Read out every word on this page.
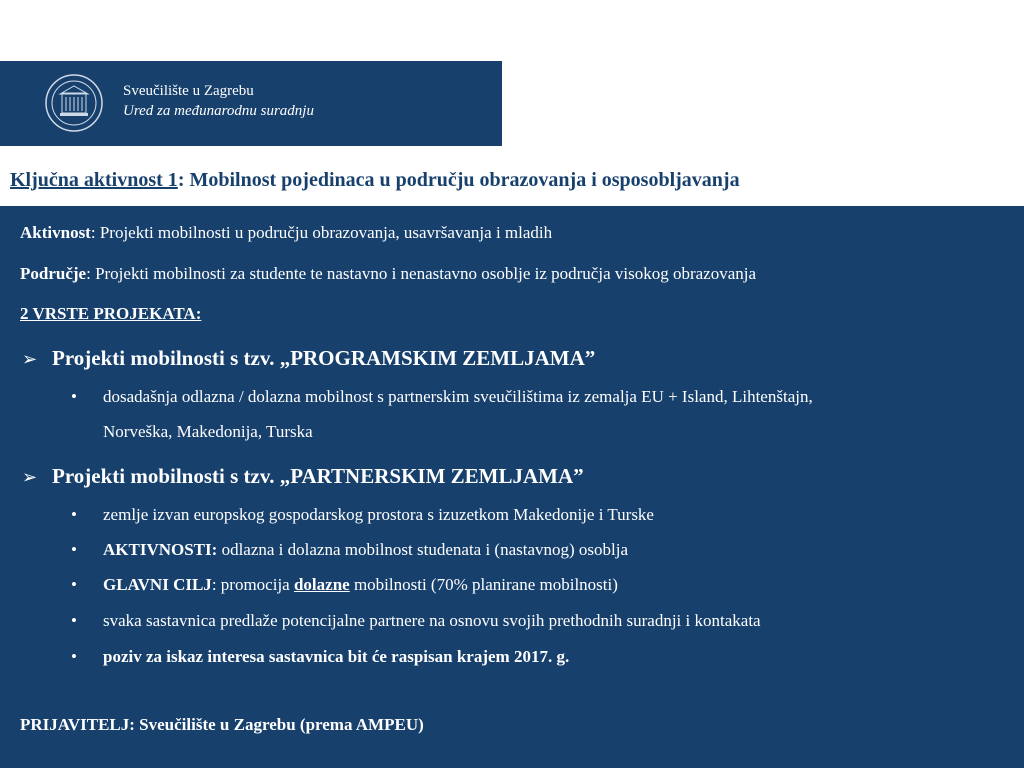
Sveučilište u Zagrebu
Ured za međunarodnu suradnju
Ključna aktivnost 1: Mobilnost pojedinaca u području obrazovanja i osposobljavanja
Aktivnost: Projekti mobilnosti u području obrazovanja, usavršavanja i mladih
Područje: Projekti mobilnosti za studente te nastavno i nenastavno osoblje iz područja visokog obrazovanja
2 VRSTE PROJEKATA:
➢ Projekti mobilnosti s tzv. „PROGRAMSKIM ZEMLJAMA”
• dosadašnja odlazna / dolazna mobilnost s partnerskim sveučilištima iz zemalja EU + Island, Lihtenštajn,
Norveška, Makedonija, Turska
➢ Projekti mobilnosti s tzv. „PARTNERSKIM ZEMLJAMA”
• zemlje izvan europskog gospodarskog prostora s izuzetkom Makedonije i Turske
• AKTIVNOSTI: odlazna i dolazna mobilnost studenata i (nastavnog) osoblja
• GLAVNI CILJ: promocija dolazne mobilnosti (70% planirane mobilnosti)
• svaka sastavnica predlaže potencijalne partnere na osnovu svojih prethodnih suradnji i kontakata
• poziv za iskaz interesa sastavnica bit će raspisan krajem 2017. g.
PRIJAVITELJ: Sveučilište u Zagrebu (prema AMPEU)
